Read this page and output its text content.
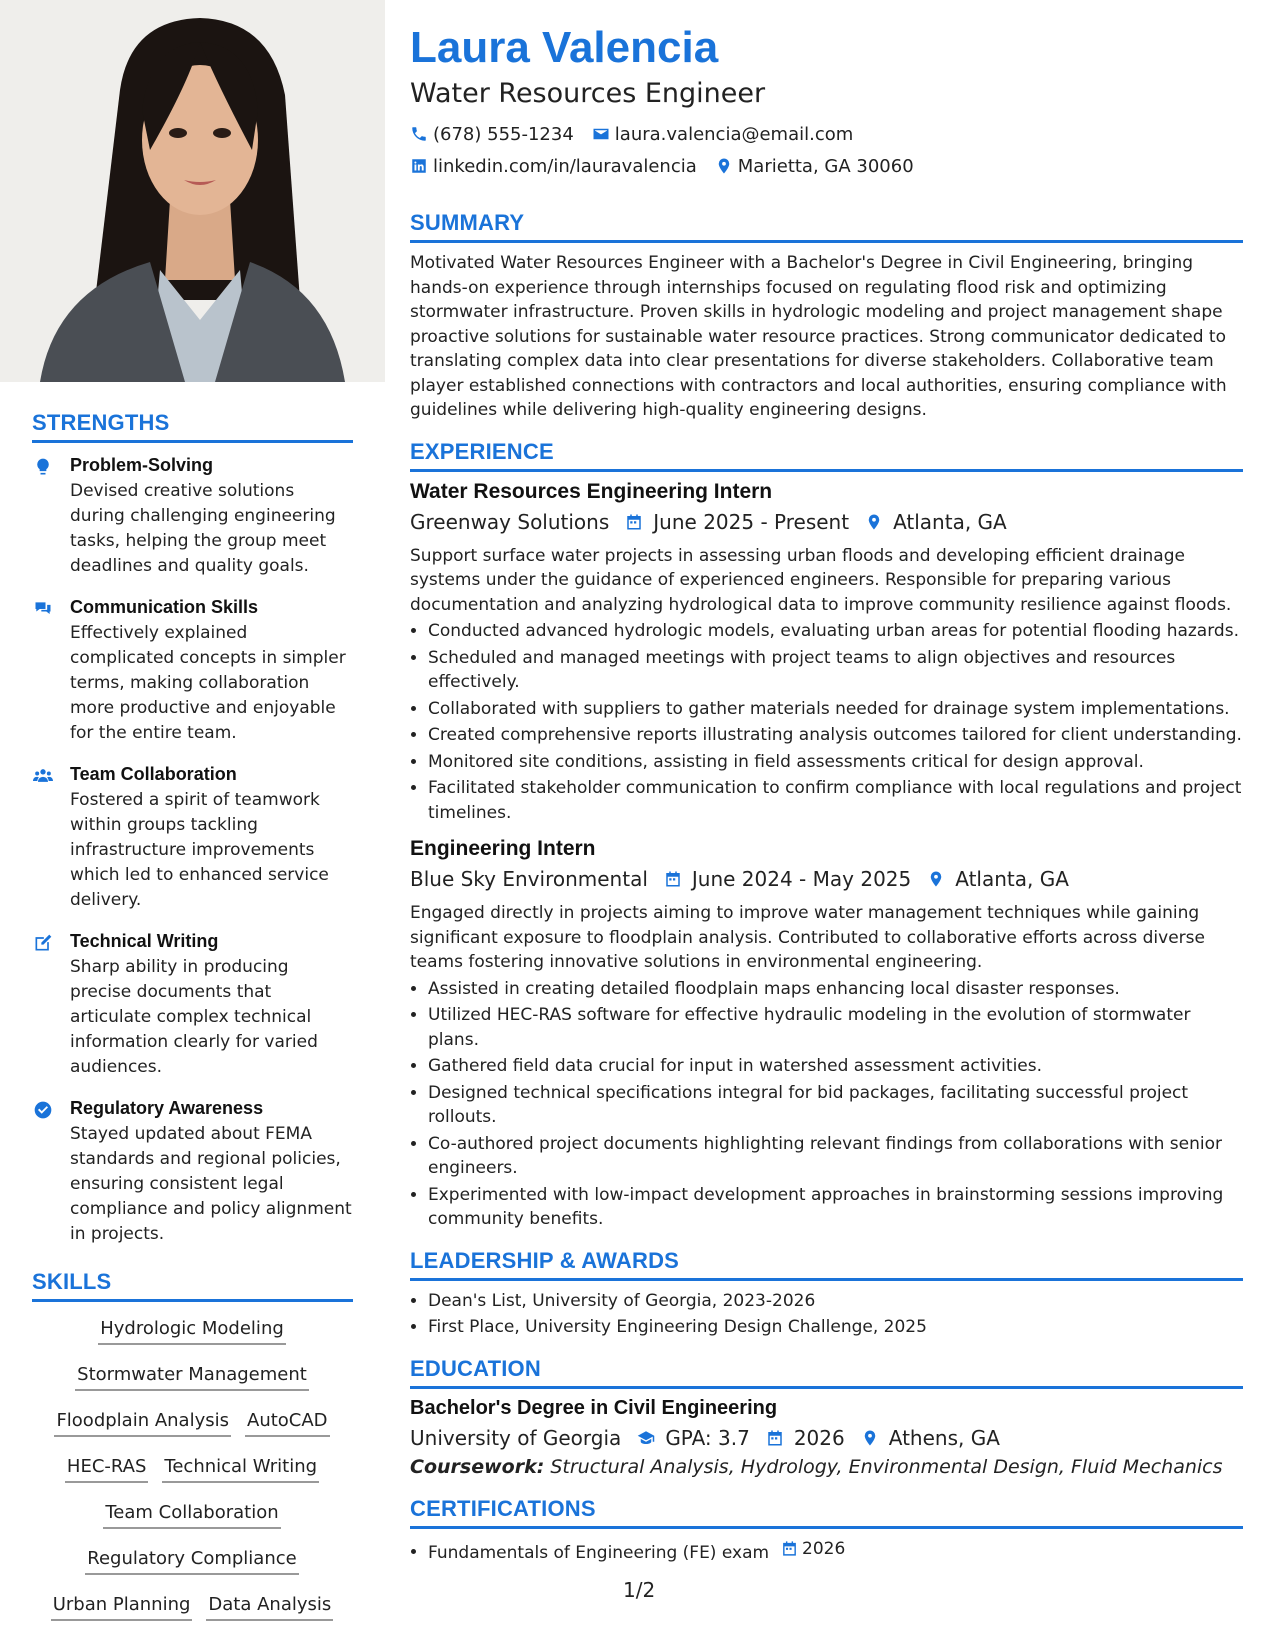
STRENGTHS
Problem-Solving
Devised creative solutions during challenging engineering tasks, helping the group meet deadlines and quality goals.
Communication Skills
Effectively explained complicated concepts in simpler terms, making collaboration more productive and enjoyable for the entire team.
Team Collaboration
Fostered a spirit of teamwork within groups tackling infrastructure improvements which led to enhanced service delivery.
Technical Writing
Sharp ability in producing precise documents that articulate complex technical information clearly for varied audiences.
Regulatory Awareness
Stayed updated about FEMA standards and regional policies, ensuring consistent legal compliance and policy alignment in projects.
SKILLS
Hydrologic Modeling
Stormwater Management
Floodplain Analysis AutoCAD
HEC-RAS Technical Writing
Team Collaboration
Regulatory Compliance
Urban Planning Data Analysis
Laura Valencia
Water Resources Engineer
(678) 555-1234 laura.valencia@email.com
linkedin.com/in/lauravalencia Marietta, GA 30060
SUMMARY
Motivated Water Resources Engineer with a Bachelor's Degree in Civil Engineering, bringing hands-on experience through internships focused on regulating flood risk and optimizing stormwater infrastructure. Proven skills in hydrologic modeling and project management shape proactive solutions for sustainable water resource practices. Strong communicator dedicated to translating complex data into clear presentations for diverse stakeholders. Collaborative team player established connections with contractors and local authorities, ensuring compliance with guidelines while delivering high-quality engineering designs.
EXPERIENCE
Water Resources Engineering Intern
Greenway Solutions June 2025 - Present Atlanta, GA
Support surface water projects in assessing urban floods and developing efficient drainage systems under the guidance of experienced engineers. Responsible for preparing various documentation and analyzing hydrological data to improve community resilience against floods.
• Conducted advanced hydrologic models, evaluating urban areas for potential flooding hazards.
• Scheduled and managed meetings with project teams to align objectives and resources effectively.
• Collaborated with suppliers to gather materials needed for drainage system implementations.
• Created comprehensive reports illustrating analysis outcomes tailored for client understanding.
• Monitored site conditions, assisting in field assessments critical for design approval.
• Facilitated stakeholder communication to confirm compliance with local regulations and project timelines.
Engineering Intern
Blue Sky Environmental June 2024 - May 2025 Atlanta, GA
Engaged directly in projects aiming to improve water management techniques while gaining significant exposure to floodplain analysis. Contributed to collaborative efforts across diverse teams fostering innovative solutions in environmental engineering.
• Assisted in creating detailed floodplain maps enhancing local disaster responses.
• Utilized HEC-RAS software for effective hydraulic modeling in the evolution of stormwater plans.
• Gathered field data crucial for input in watershed assessment activities.
• Designed technical specifications integral for bid packages, facilitating successful project rollouts.
• Co-authored project documents highlighting relevant findings from collaborations with senior engineers.
• Experimented with low-impact development approaches in brainstorming sessions improving community benefits.
LEADERSHIP & AWARDS
• Dean's List, University of Georgia, 2023-2026
• First Place, University Engineering Design Challenge, 2025
EDUCATION
Bachelor's Degree in Civil Engineering
University of Georgia GPA: 3.7 2026 Athens, GA
Coursework: Structural Analysis, Hydrology, Environmental Design, Fluid Mechanics
CERTIFICATIONS
• Fundamentals of Engineering (FE) exam 2026
1/2
